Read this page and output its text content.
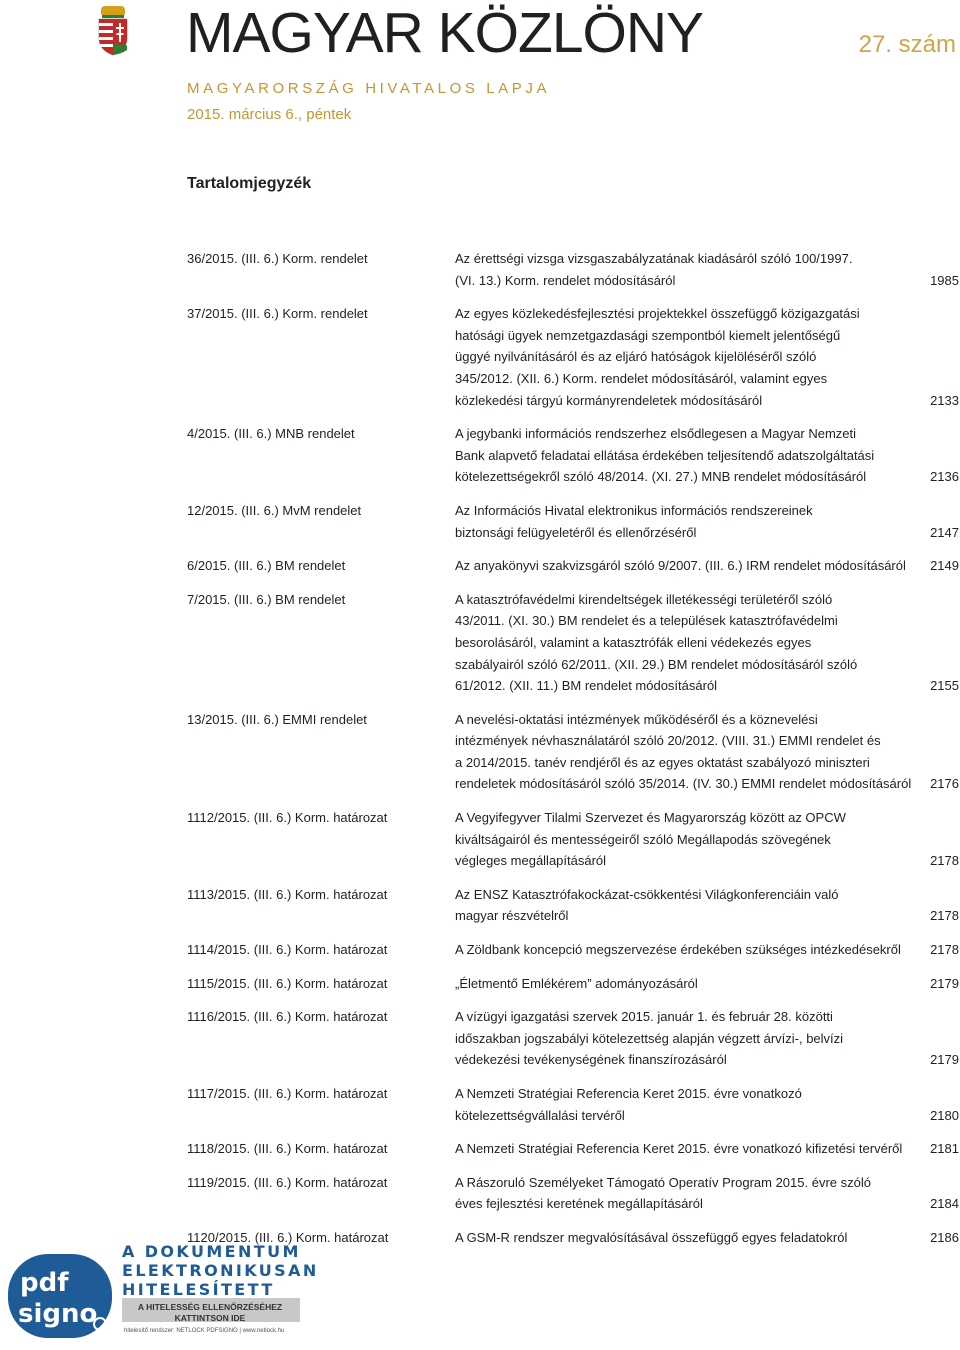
MAGYAR KÖZLÖNY	27. szám
MAGYARORSZÁG HIVATALOS LAPJA
2015. március 6., péntek
Tartalomjegyzék
36/2015. (III. 6.) Korm. rendelet	Az érettségi vizsga vizsgaszabályzatának kiadásáról szóló 100/1997.
(VI. 13.) Korm. rendelet módosításáról	1985
37/2015. (III. 6.) Korm. rendelet	Az egyes közlekedésfejlesztési projektekkel összefüggő közigazgatási
hatósági ügyek nemzetgazdasági szempontból kiemelt jelentőségű
üggyé nyilvánításáról és az eljáró hatóságok kijelöléséről szóló
345/2012. (XII. 6.) Korm. rendelet módosításáról, valamint egyes
közlekedési tárgyú kormányrendeletek módosításáról	2133
4/2015. (III. 6.) MNB rendelet	A jegybanki információs rendszerhez elsődlegesen a Magyar Nemzeti
Bank alapvető feladatai ellátása érdekében teljesítendő adatszolgáltatási
kötelezettségekről szóló 48/2014. (XI. 27.) MNB rendelet módosításáról	2136
12/2015. (III. 6.) MvM rendelet	Az Információs Hivatal elektronikus információs rendszereinek
biztonsági felügyeletéről és ellenőrzéséről	2147
6/2015. (III. 6.) BM rendelet	Az anyakönyvi szakvizsgáról szóló 9/2007. (III. 6.) IRM rendelet módosításáról 2149
7/2015. (III. 6.) BM rendelet	A katasztrófavédelmi kirendeltségek illetékességi területéről szóló
43/2011. (XI. 30.) BM rendelet és a települések katasztrófavédelmi
besorolásáról, valamint a katasztrófák elleni védekezés egyes
szabályairól szóló 62/2011. (XII. 29.) BM rendelet módosításáról szóló
61/2012. (XII. 11.) BM rendelet módosításáról	2155
13/2015. (III. 6.) EMMI rendelet	A nevelési-oktatási intézmények működéséről és a köznevelési
intézmények névhasználatáról szóló 20/2012. (VIII. 31.) EMMI rendelet és
a 2014/2015. tanév rendjéről és az egyes oktatást szabályozó miniszteri
rendeletek módosításáról szóló 35/2014. (IV. 30.) EMMI rendelet módosításáról 2176
1112/2015. (III. 6.) Korm. határozat	A Vegyifegyver Tilalmi Szervezet és Magyarország között az OPCW
kiváltságairól és mentességeiről szóló Megállapodás szövegének
végleges megállapításáról	2178
1113/2015. (III. 6.) Korm. határozat	Az ENSZ Katasztrófakockázat-csökkentési Világkonferenciáin való
magyar részvételről	2178
1114/2015. (III. 6.) Korm. határozat	A Zöldbank koncepció megszervezése érdekében szükséges intézkedésekről	2178
1115/2015. (III. 6.) Korm. határozat	„Életmentő Emlékérem” adományozásáról	2179
1116/2015. (III. 6.) Korm. határozat	A vízügyi igazgatási szervek 2015. január 1. és február 28. közötti
időszakban jogszabályi kötelezettség alapján végzett árvízi-, belvízi
védekezési tevékenységének finanszírozásáról	2179
1117/2015. (III. 6.) Korm. határozat	A Nemzeti Stratégiai Referencia Keret 2015. évre vonatkozó
kötelezettségvállalási tervéről	2180
1118/2015. (III. 6.) Korm. határozat	A Nemzeti Stratégiai Referencia Keret 2015. évre vonatkozó kifizetési tervéről	2181
1119/2015. (III. 6.) Korm. határozat	A Rászoruló Személyeket Támogató Operatív Program 2015. évre szóló
éves fejlesztési keretének megállapításáról	2184
1120/2015. (III. 6.) Korm. határozat	A GSM-R rendszer megvalósításával összefüggő egyes feladatokról	2186
pdf
signo
A DOKUMENTUM
ELEKTRONIKUSAN
HITELESÍTETT
A HITELESSÉG ELLENŐRZÉSÉHEZ
KATTINTSON IDE
hitelesítő rendszer: NETLOCK PDFSIGNO | www.netlock.hu
